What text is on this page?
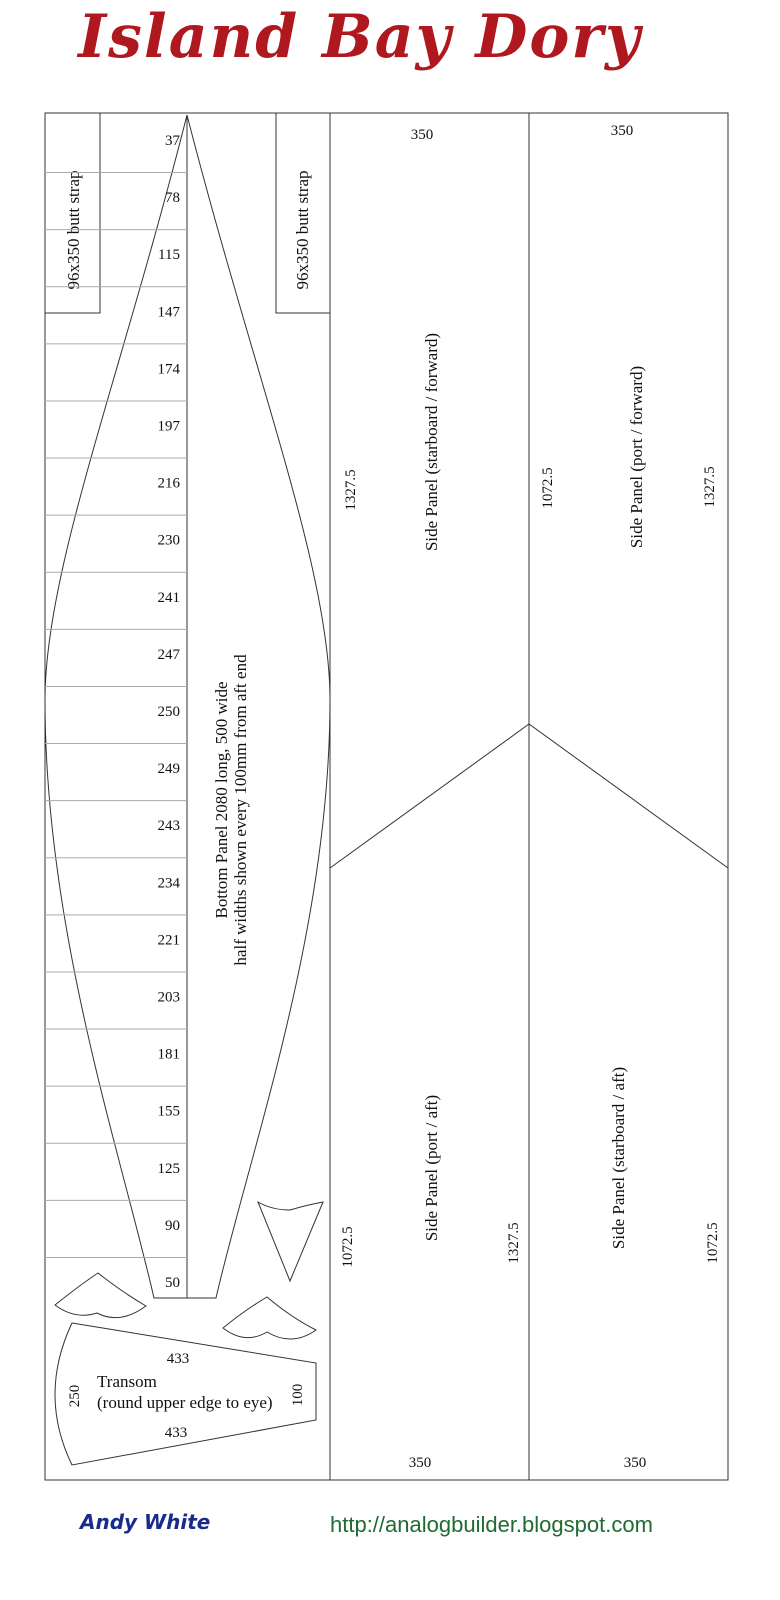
Island Bay Dory
96x350 butt strap	96x350 butt strap
37
78
115
147
174
197
216
230
241
247
250
249
243
234
221
203
181
155
125
90
50
Bottom Panel 2080 long, 500 wide half widths shown every 100mm from aft end
433
433
250	100
Transom
(round upper edge to eye)
350
1327.5	Side Panel (starboard / forward)
350
1072.5	1327.5
Side Panel (port / forward)
350
1072.5	1327.5
Side Panel (port / aft)
350
1072.5
Side Panel (starboard / aft)

Andy White	http://analogbuilder.blogspot.com
